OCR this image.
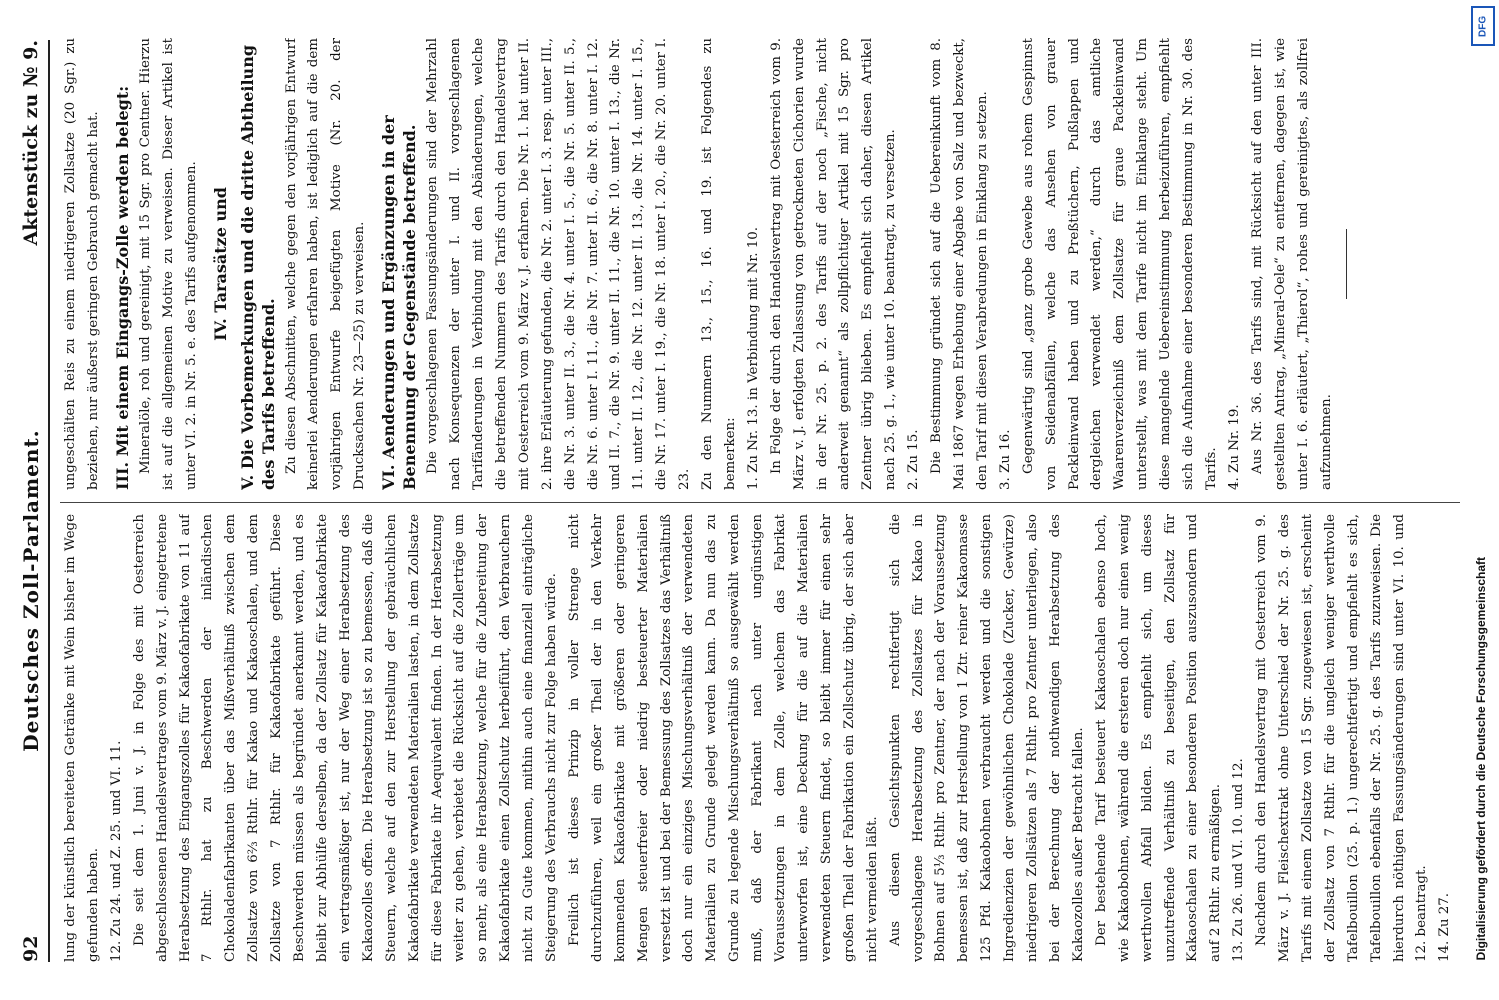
92
Deutsches Zoll-Parlament.
Aktenstück zu № 9.

lung der künstlich bereiteten Getränke mit Wein bisher im Wege gefunden haben. 12. Zu 24. und Z. 25. und VI. 11. Die seit dem 1. Juni v. J. in Folge des mit Oesterreich abgeschlossenen Handelsvertrages vom 9. März v. J. eingetretene Herabsetzung des Eingangszolles für Kakaofabrikate von 11 auf 7 Rthlr. hat zu Beschwerden der inländischen Chokoladenfabrikanten über das Mißverhältniß zwischen dem Zollsatze von 6⅔ Rthlr. für Kakao und Kakaoschalen, und dem Zollsatze von 7 Rthlr. für Kakaofabrikate geführt. Diese Beschwerden müssen als begründet anerkannt werden, und es bleibt zur Abhülfe derselben, da der Zollsatz für Kakaofabrikate ein vertragsmäßiger ist, nur der Weg einer Herabsetzung des Kakaozolles offen. Die Herabsetzung ist so zu bemessen, daß die Steuern, welche auf den zur Herstellung der gebräuchlichen Kakaofabrikate verwendeten Materialien lasten, in dem Zollsatze für diese Fabrikate ihr Aequivalent finden. In der Herabsetzung weiter zu gehen, verbietet die Rücksicht auf die Zollerträge um so mehr, als eine Herabsetzung, welche für die Zubereitung der Kakaofabrikate einen Zollschutz herbeiführt, den Verbrauchern nicht zu Gute kommen, mithin auch eine finanziell einträgliche Steigerung des Verbrauchs nicht zur Folge haben würde. Freilich ist dieses Prinzip in voller Strenge nicht durchzuführen, weil ein großer Theil der in den Verkehr kommenden Kakaofabrikate mit größeren oder geringeren Mengen steuerfreier oder niedrig besteuerter Materialien versetzt ist und bei der Bemessung des Zollsatzes das Verhältniß doch nur ein einziges Mischungsverhältniß der verwendeten Materialien zu Grunde gelegt werden kann. Da nun das zu Grunde zu legende Mischungsverhältniß so ausgewählt werden muß, daß der Fabrikant nach unter ungünstigen Voraussetzungen in dem Zolle, welchem das Fabrikat unterworfen ist, eine Deckung für die auf die Materialien verwendeten Steuern findet, so bleibt immer für einen sehr großen Theil der Fabrikation ein Zollschutz übrig, der sich aber nicht vermeiden läßt. Aus diesen Gesichtspunkten rechtfertigt sich die vorgeschlagene Herabsetzung des Zollsatzes für Kakao in Bohnen auf 5⅓ Rthlr. pro Zentner, der nach der Voraussetzung bemessen ist, daß zur Herstellung von 1 Ztr. reiner Kakaomasse 125 Pfd. Kakaobohnen verbraucht werden und die sonstigen Ingredienzien der gewöhnlichen Chokolade (Zucker, Gewürze) niedrigeren Zollsätzen als 7 Rthlr. pro Zentner unterliegen, also bei der Berechnung der nothwendigen Herabsetzung des Kakaozolles außer Betracht fallen. Der bestehende Tarif besteuert Kakaoschalen ebenso hoch, wie Kakaobohnen, während die ersteren doch nur einen wenig werthvollen Abfall bilden. Es empfiehlt sich, um dieses unzutreffende Verhältniß zu beseitigen, den Zollsatz für Kakaoschalen zu einer besonderen Position auszusondern und auf 2 Rthlr. zu ermäßigen. 13. Zu 26. und VI. 10. und 12. Nachdem durch den Handelsvertrag mit Oesterreich vom 9. März v. J. Fleischextrakt ohne Unterschied der Nr. 25. g. des Tarifs mit einem Zollsatze von 15 Sgr. zugewiesen ist, erscheint der Zollsatz von 7 Rthlr. für die ungleich weniger werthvolle Tafelbouillon (25. p. 1.) ungerechtfertigt und empfiehlt es sich, Tafelbouillon ebenfalls der Nr. 25. g. des Tarifs zuzuweisen. Die hierdurch nöthigen Fassungsänderungen sind unter VI. 10. und 12. beantragt. 14. Zu 27.

ungeschälten Reis zu einem niedrigeren Zollsatze (20 Sgr.) zu beziehen, nur äußerst geringen Gebrauch gemacht hat. III. Mit einem Eingangs-Zolle werden belegt: Mineralöle, roh und gereinigt, mit 15 Sgr. pro Centner. Hierzu ist auf die allgemeinen Motive zu verweisen. Dieser Artikel ist unter VI. 2. in Nr. 5. e. des Tarifs aufgenommen. IV. Tarasätze und V. Die Vorbemerkungen und die dritte Abtheilung des Tarifs betreffend. Zu diesen Abschnitten, welche gegen den vorjährigen Entwurf keinerlei Aenderungen erfahren haben, ist lediglich auf die dem vorjährigen Entwurfe beigefügten Motive (Nr. 20. der Drucksachen Nr. 23—25) zu verweisen. VI. Aenderungen und Ergänzungen in der Benennung der Gegenstände betreffend. Die vorgeschlagenen Fassungsänderungen sind der Mehrzahl nach Konsequenzen der unter I. und II. vorgeschlagenen Tarifänderungen in Verbindung mit den Abänderungen, welche die betreffenden Nummern des Tarifs durch den Handelsvertrag mit Oesterreich vom 9. März v. J. erfahren. Die Nr. 1. hat unter II. 2. ihre Erläuterung gefunden, die Nr. 2. unter I. 3. resp. unter III., die Nr. 3. unter II. 3., die Nr. 4. unter I. 5., die Nr. 5. unter II. 5., die Nr. 6. unter I. 11., die Nr. 7. unter II. 6., die Nr. 8. unter I. 12. und II. 7., die Nr. 9. unter II. 11., die Nr. 10. unter I. 13., die Nr. 11. unter II. 12., die Nr. 12. unter II. 13., die Nr. 14. unter I. 15., die Nr. 17. unter I. 19., die Nr. 18. unter I. 20., die Nr. 20. unter I. 23. Zu den Nummern 13., 15., 16. und 19. ist Folgendes zu bemerken: 1. Zu Nr. 13. in Verbindung mit Nr. 10. In Folge der durch den Handelsvertrag mit Oesterreich vom 9. März v. J. erfolgten Zulassung von getrockneten Cichorien wurde in der Nr. 25. p. 2. des Tarifs auf der noch „Fische, nicht anderweit genannt“ als zollpflichtiger Artikel mit 15 Sgr. pro Zentner übrig blieben. Es empfiehlt sich daher, diesen Artikel nach 25. g. 1., wie unter 10. beantragt, zu versetzen. 2. Zu 15. Die Bestimmung gründet sich auf die Uebereinkunft vom 8. Mai 1867 wegen Erhebung einer Abgabe von Salz und bezweckt, den Tarif mit diesen Verabredungen in Einklang zu setzen. 3. Zu 16. Gegenwärtig sind „ganz grobe Gewebe aus rohem Gespinnst von Seidenabfällen, welche das Ansehen von grauer Packleinwand haben und zu Preßtüchern, Pußlappen und dergleichen verwendet werden,“ durch das amtliche Waarenverzeichniß dem Zollsatze für graue Packleinwand unterstellt, was mit dem Tarife nicht im Einklange steht. Um diese mangelnde Uebereinstimmung herbeizuführen, empfiehlt sich die Aufnahme einer besonderen Bestimmung in Nr. 30. des Tarifs. 4. Zu Nr. 19. Aus Nr. 36. des Tarifs sind, mit Rücksicht auf den unter III. gestellten Antrag, „Mineral-Oele“ zu entfernen, dagegen ist, wie unter I. 6. erläutert, „Thierol“, rohes und gereinigtes, als zollfrei aufzunehmen.

DFG
Digitalisierung gefördert durch die Deutsche Forschungsgemeinschaft
